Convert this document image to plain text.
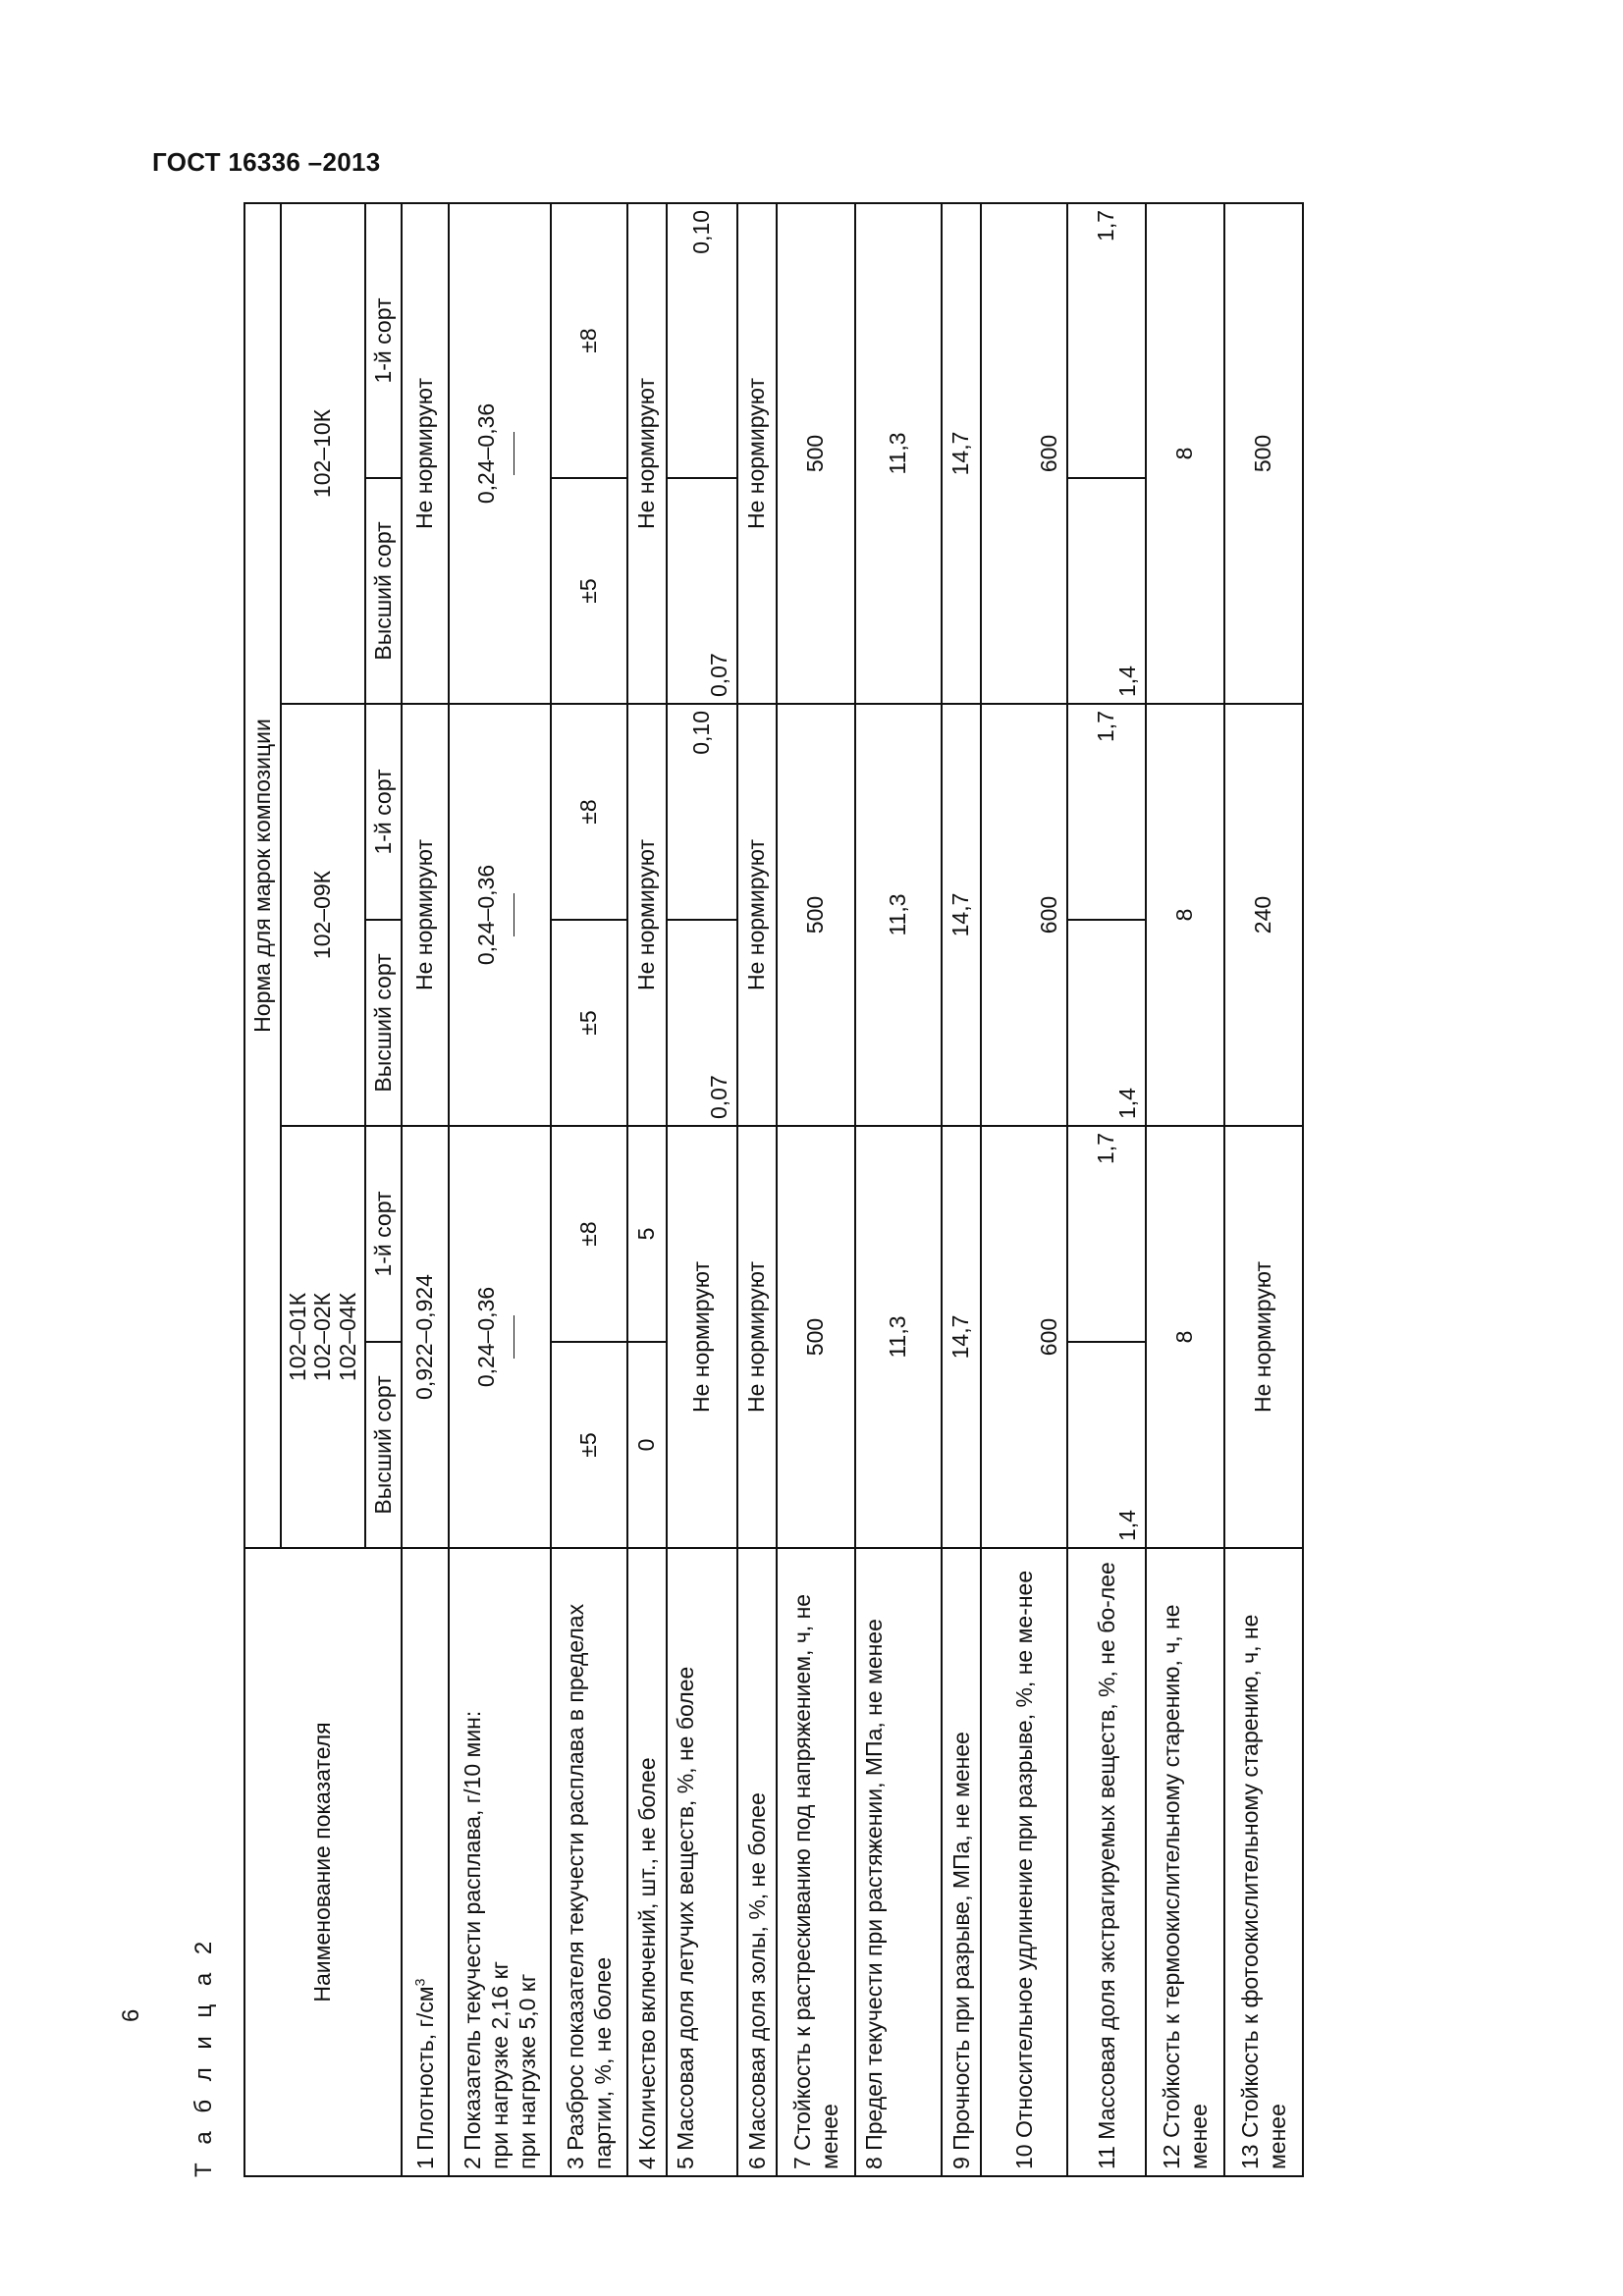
ГОСТ 16336 –2013
6 Т а б л и ц а 2
Наименование показателя	Норма для марок композиции					
	102–01К
102–02К
102–04К		102–09К		102–10К	
	Высший сорт	1-й сорт	Высший сорт	1-й сорт	Высший сорт	1-й сорт
1 Плотность, $г/см^3$	0,922–0,924		Не нормируют		Не нормируют	

2 Показатель текучести расплава, г/10 мин: при нагрузке 2,16 кг при нагрузке 5,0 кг	0,24–0,36		0,24–0,36		0,24–0,36	

3 Разброс показателя текучести расплава в пределах партии, %, не более	±5	±8	±5	±8	±5	±8
4 Количество включений, шт., не более	0	5	Не нормируют		Не нормируют	
5 Массовая доля летучих веществ, %, не более	Не нормируют		0,07	0,10	0,07	0,10
6 Массовая доля золы, %, не более	Не нормируют		Не нормируют		Не нормируют	
7 Стойкость к растрескиванию под напряжением, ч, не менее	500		500		500	
8 Предел текучести при растяжении, МПа, не менее	11,3		11,3		11,3	
9 Прочность при разрыве, МПа, не менее	14,7		14,7		14,7	
10 Относительное удлинение при разрыве, %, не ме-нее	600		600		600	
11 Массовая доля экстрагируемых веществ, %, не бо-лее	1,4	1,7	1,4	1,7	1,4	1,7
12 Стойкость к термоокислительному старению, ч, не менее	8		8		8	
13 Стойкость к фотоокислительному старению, ч, не менее	Не нормируют		240		500	
